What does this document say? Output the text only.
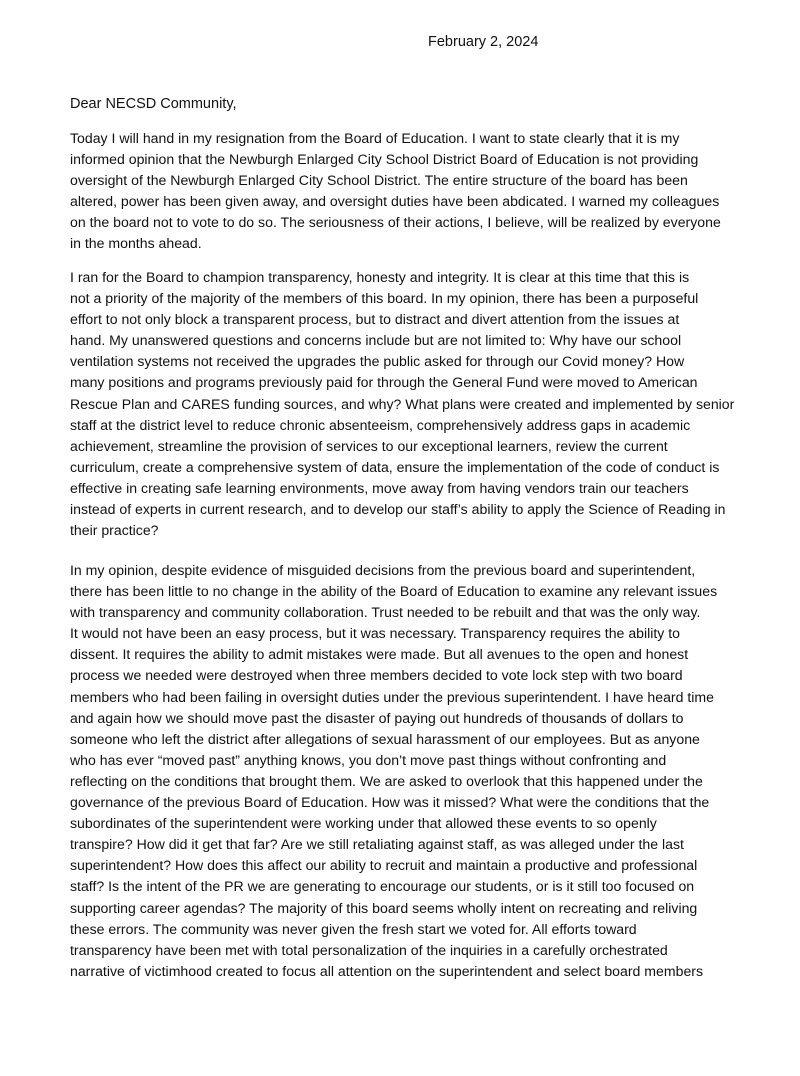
February 2, 2024
Dear NECSD Community,
Today I will hand in my resignation from the Board of Education. I want to state clearly that it is my
informed opinion that the Newburgh Enlarged City School District Board of Education is not providing
oversight of the Newburgh Enlarged City School District. The entire structure of the board has been
altered, power has been given away, and oversight duties have been abdicated. I warned my colleagues
on the board not to vote to do so. The seriousness of their actions, I believe, will be realized by everyone
in the months ahead.
I ran for the Board to champion transparency, honesty and integrity. It is clear at this time that this is
not a priority of the majority of the members of this board. In my opinion, there has been a purposeful
effort to not only block a transparent process, but to distract and divert attention from the issues at
hand. My unanswered questions and concerns include but are not limited to: Why have our school
ventilation systems not received the upgrades the public asked for through our Covid money? How
many positions and programs previously paid for through the General Fund were moved to American
Rescue Plan and CARES funding sources, and why? What plans were created and implemented by senior
staff at the district level to reduce chronic absenteeism, comprehensively address gaps in academic
achievement, streamline the provision of services to our exceptional learners, review the current
curriculum, create a comprehensive system of data, ensure the implementation of the code of conduct is
effective in creating safe learning environments, move away from having vendors train our teachers
instead of experts in current research, and to develop our staff’s ability to apply the Science of Reading in
their practice?
In my opinion, despite evidence of misguided decisions from the previous board and superintendent,
there has been little to no change in the ability of the Board of Education to examine any relevant issues
with transparency and community collaboration. Trust needed to be rebuilt and that was the only way.
It would not have been an easy process, but it was necessary. Transparency requires the ability to
dissent. It requires the ability to admit mistakes were made. But all avenues to the open and honest
process we needed were destroyed when three members decided to vote lock step with two board
members who had been failing in oversight duties under the previous superintendent. I have heard time
and again how we should move past the disaster of paying out hundreds of thousands of dollars to
someone who left the district after allegations of sexual harassment of our employees. But as anyone
who has ever “moved past” anything knows, you don’t move past things without confronting and
reflecting on the conditions that brought them. We are asked to overlook that this happened under the
governance of the previous Board of Education. How was it missed? What were the conditions that the
subordinates of the superintendent were working under that allowed these events to so openly
transpire? How did it get that far? Are we still retaliating against staff, as was alleged under the last
superintendent? How does this affect our ability to recruit and maintain a productive and professional
staff? Is the intent of the PR we are generating to encourage our students, or is it still too focused on
supporting career agendas? The majority of this board seems wholly intent on recreating and reliving
these errors. The community was never given the fresh start we voted for. All efforts toward
transparency have been met with total personalization of the inquiries in a carefully orchestrated
narrative of victimhood created to focus all attention on the superintendent and select board members
